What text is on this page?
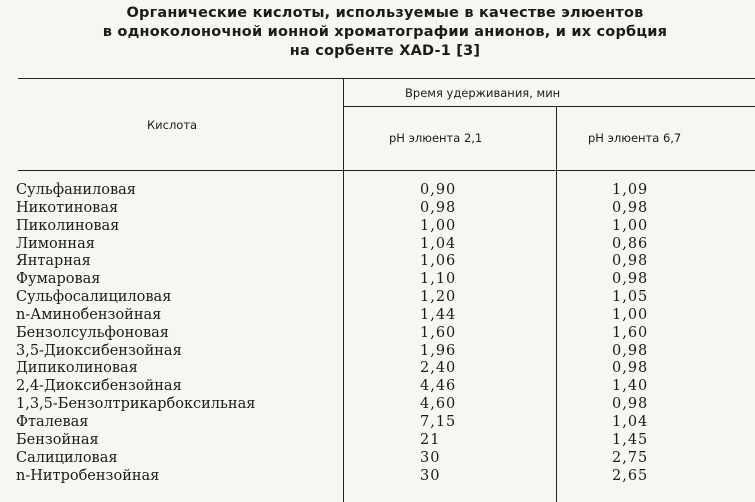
Органические кислоты, используемые в качестве элюентов
в одноколоночной ионной хроматографии анионов, и их сорбция
на сорбенте XAD-1 [3]
Кислота
Время удерживания, мин
pH элюента 2,1	pH элюента 6,7
Сульфаниловая	0,90	1,09
Никотиновая	0,98	0,98
Пиколиновая	1,00	1,00
Лимонная	1,04	0,86
Янтарная	1,06	0,98
Фумаровая	1,10	0,98
Сульфосалициловая	1,20	1,05
n-Аминобензойная	1,44	1,00
Бензолсульфоновая	1,60	1,60
3,5-Диоксибензойная	1,96	0,98
Дипиколиновая	2,40	0,98
2,4-Диоксибензойная	4,46	1,40
1,3,5-Бензолтрикарбоксильная	4,60	0,98
Фталевая	7,15	1,04
Бензойная	21	1,45
Салициловая	30	2,75
n-Нитробензойная	30	2,65
